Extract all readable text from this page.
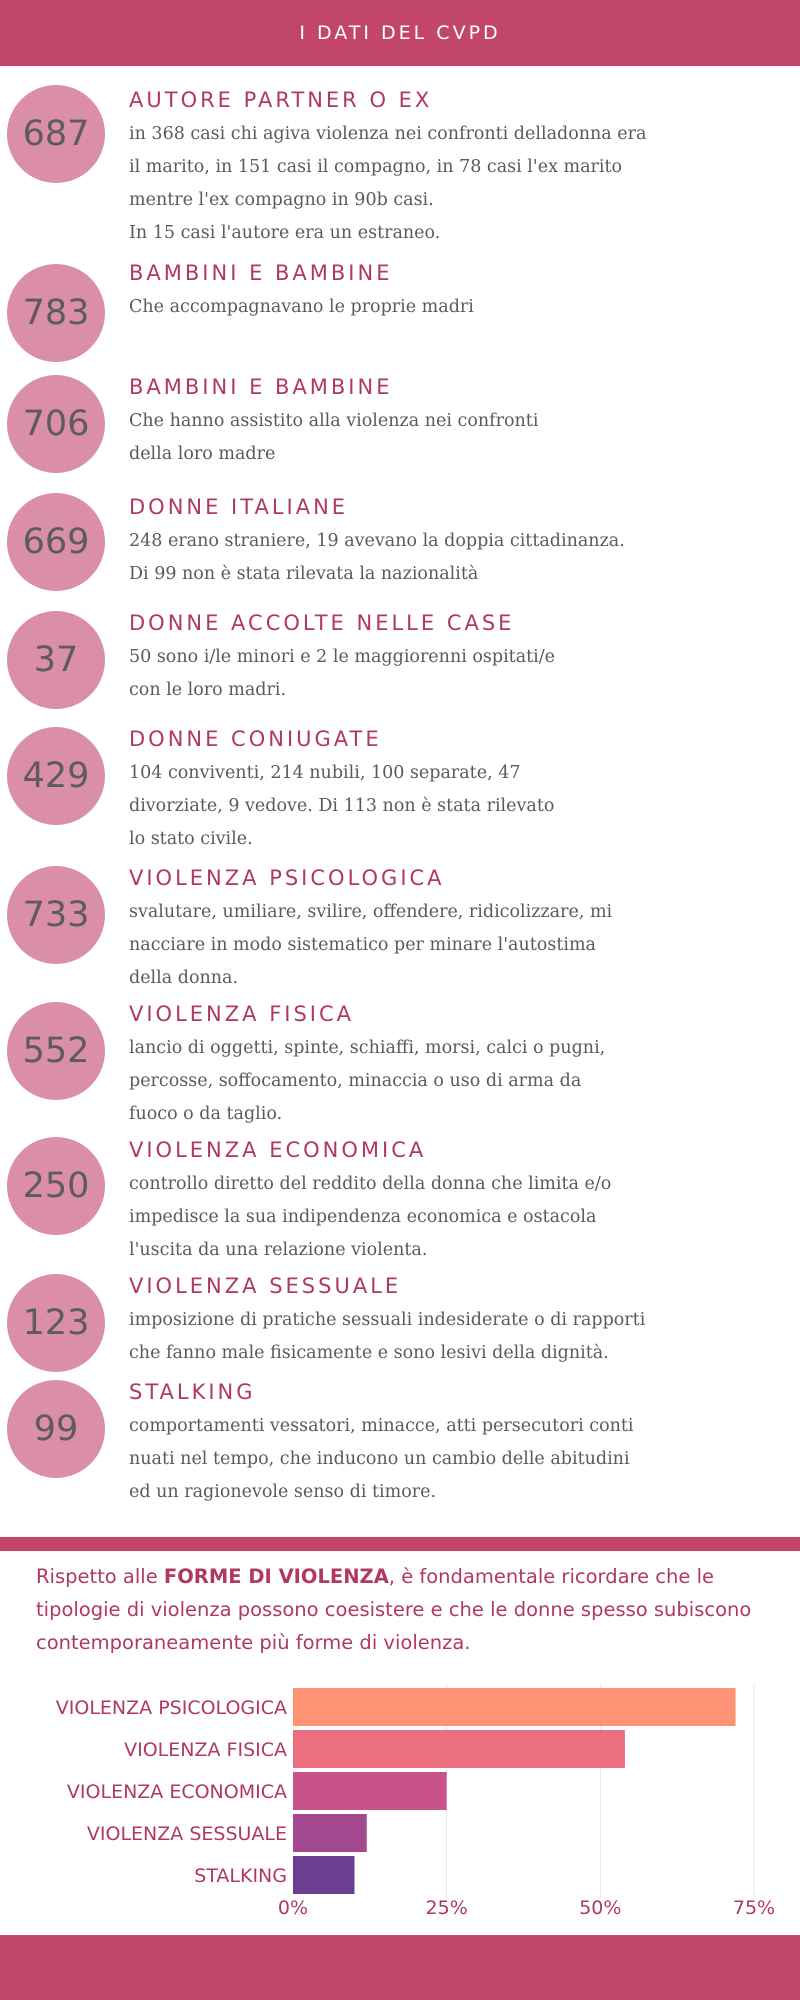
I DATI DEL CVPD
687
AUTORE PARTNER O EX
in 368 casi chi agiva violenza nei confronti delladonna era
il marito, in 151 casi il compagno, in 78 casi l'ex marito
mentre l'ex compagno in 90b casi.
In 15 casi l'autore era un estraneo.
783
BAMBINI E BAMBINE
Che accompagnavano le proprie madri
706
BAMBINI E BAMBINE
Che hanno assistito alla violenza nei confronti
della loro madre
669
DONNE ITALIANE
248 erano straniere, 19 avevano la doppia cittadinanza.
Di 99 non è stata rilevata la nazionalità
37
DONNE ACCOLTE NELLE CASE
50 sono i/le minori e 2 le maggiorenni ospitati/e
con le loro madri.
429
DONNE CONIUGATE
104 conviventi, 214 nubili, 100 separate, 47
divorziate, 9 vedove. Di 113 non è stata rilevato
lo stato civile.
733
VIOLENZA PSICOLOGICA
svalutare, umiliare, svilire, offendere, ridicolizzare, mi
nacciare in modo sistematico per minare l'autostima
della donna.
552
VIOLENZA FISICA
lancio di oggetti, spinte, schiaffi, morsi, calci o pugni,
percosse, soffocamento, minaccia o uso di arma da
fuoco o da taglio.
250
VIOLENZA ECONOMICA
controllo diretto del reddito della donna che limita e/o
impedisce la sua indipendenza economica e ostacola
l'uscita da una relazione violenta.
123
VIOLENZA SESSUALE
imposizione di pratiche sessuali indesiderate o di rapporti
che fanno male fisicamente e sono lesivi della dignità.
99
STALKING
comportamenti vessatori, minacce, atti persecutori conti
nuati nel tempo, che inducono un cambio delle abitudini
ed un ragionevole senso di timore.

Rispetto alle FORME DI VIOLENZA, è fondamentale ricordare che le tipologie di violenza possono coesistere e che le donne spesso subiscono contemporaneamente più forme di violenza.

VIOLENZA PSICOLOGICA
VIOLENZA FISICA
VIOLENZA ECONOMICA
VIOLENZA SESSUALE
STALKING
0%	25%	50%	75%
